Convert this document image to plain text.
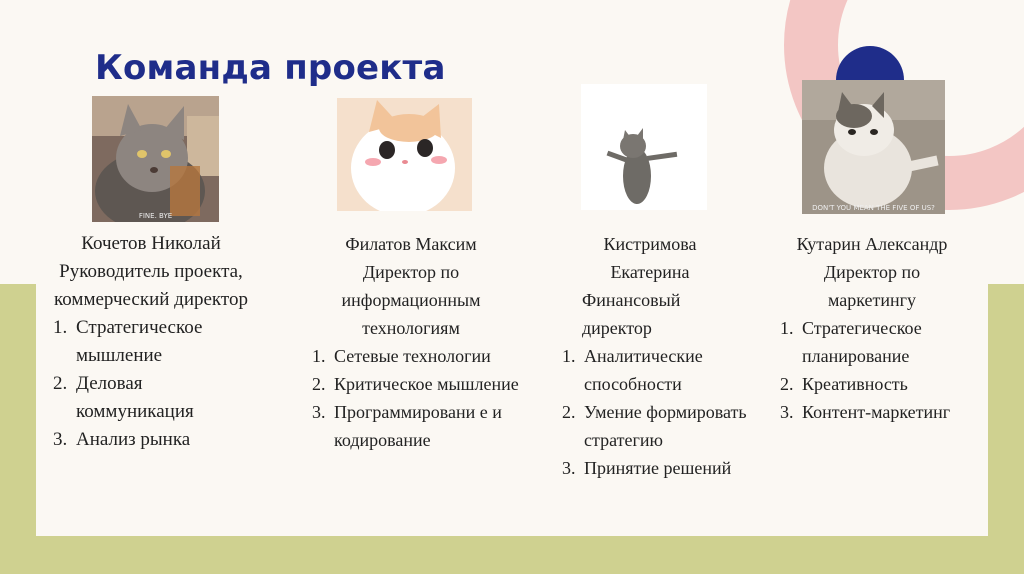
Команда проекта
FINE. BYE
DON'T YOU MEAN THE FIVE OF US?
Кочетов Николай
Руководитель проекта, коммерческий директор
1. Стратегическое мышление
2. Деловая коммуникация
3. Анализ рынка
Филатов Максим
Директор по информационным технологиям
1. Сетевые технологии
2. Критическое мышление
3. Программировани е и кодирование
Кистримова Екатерина
Финансовый директор
1. Аналитические способности
2. Умение формировать стратегию
3. Принятие решений
Кутарин Александр
Директор по маркетингу
1. Стратегическое планирование
2. Креативность
3. Контент-маркетинг
